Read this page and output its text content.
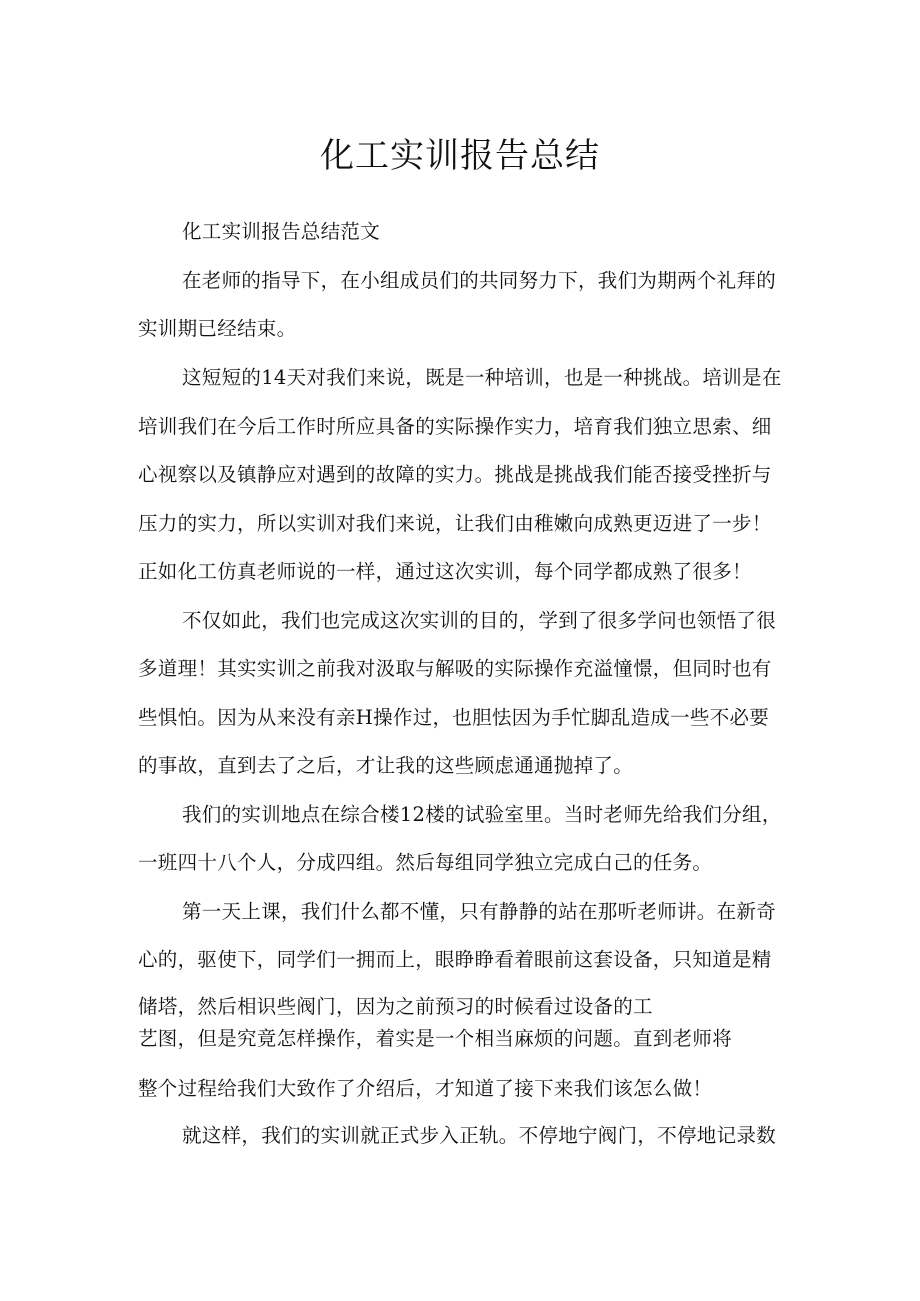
化工实训报告总结

化工实训报告总结范文

在老师的指导下，在小组成员们的共同努力下，我们为期两个礼拜的

实训期已经结束。

这短短的14天对我们来说，既是一种培训，也是一种挑战。培训是在

培训我们在今后工作时所应具备的实际操作实力，培育我们独立思索、细

心视察以及镇静应对遇到的故障的实力。挑战是挑战我们能否接受挫折与

压力的实力，所以实训对我们来说，让我们由稚嫩向成熟更迈进了一步！

正如化工仿真老师说的一样，通过这次实训，每个同学都成熟了很多！

不仅如此，我们也完成这次实训的目的，学到了很多学问也领悟了很

多道理！其实实训之前我对汲取与解吸的实际操作充溢憧憬，但同时也有

些惧怕。因为从来没有亲H操作过，也胆怯因为手忙脚乱造成一些不必要

的事故，直到去了之后，才让我的这些顾虑通通抛掉了。

我们的实训地点在综合楼12楼的试验室里。当时老师先给我们分组，

一班四十八个人，分成四组。然后每组同学独立完成白己的任务。

第一天上课，我们什么都不懂，只有静静的站在那听老师讲。在新奇

心的，驱使下，同学们一拥而上，眼睁睁看着眼前这套设备，只知道是精

储塔，然后相识些阀门，因为之前预习的时候看过设备的工

艺图，但是究竟怎样操作，着实是一个相当麻烦的问题。直到老师将

整个过程给我们大致作了介绍后，才知道了接下来我们该怎么做！

就这样，我们的实训就正式步入正轨。不停地宁阀门，不停地记录数
